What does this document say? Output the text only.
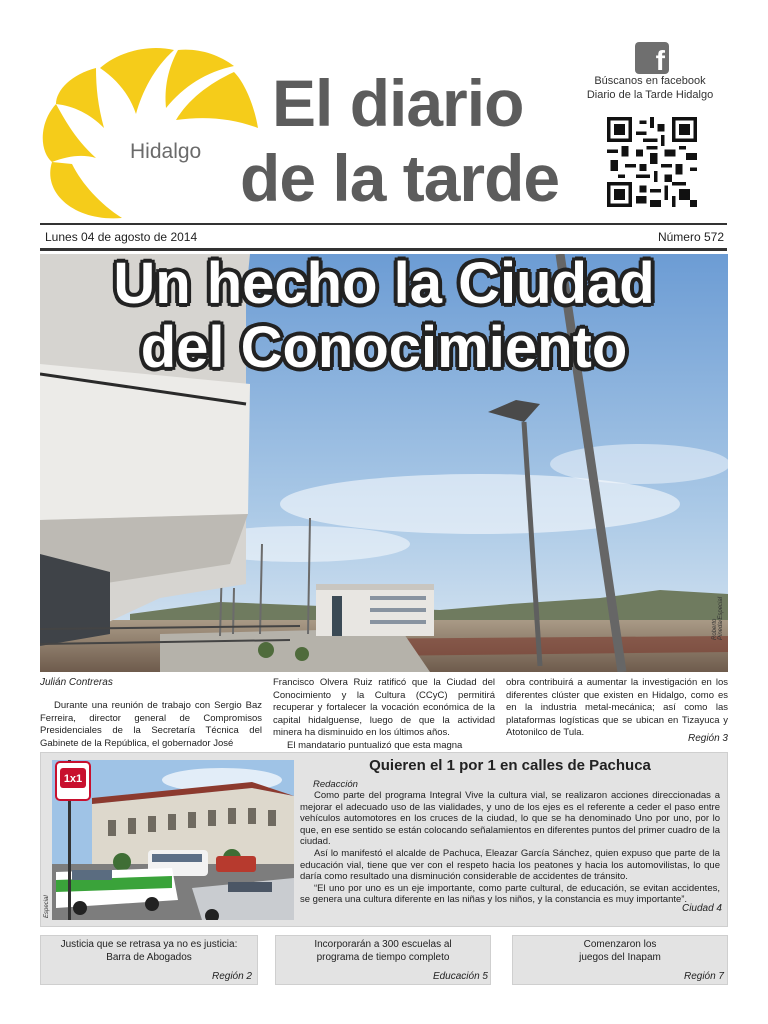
Hidalgo
El diario
de la tarde
f
Búscanos en facebook
Diario de la Tarde Hidalgo
Lunes 04 de agosto de 2014	Número 572
Un hecho la Ciudad
del Conocimiento
Roberto Pineda/Especial
Julián Contreras

Durante una reunión de trabajo con Sergio Baz Ferreira, director general de Compromisos Presidenciales de la Secretaría Técnica del Gabinete de la República, el gobernador José

Francisco Olvera Ruiz ratificó que la Ciudad del Conocimiento y la Cultura (CCyC) permitirá recuperar y fortalecer la vocación económica de la capital hidalguense, luego de que la actividad minera ha disminuido en los últimos años.

El mandatario puntualizó que esta magna

obra contribuirá a aumentar la investigación en los diferentes clúster que existen en Hidalgo, como es en la industria metal-mecánica; así como las plataformas logísticas que se ubican en Tizayuca y Atotonilco de Tula.

Región 3
1x1
Especial
Quieren el 1 por 1 en calles de Pachuca
Redacción

Como parte del programa Integral Vive la cultura vial, se realizaron acciones direccionadas a mejorar el adecuado uso de las vialidades, y uno de los ejes es el referente a ceder el paso entre vehículos automotores en los cruces de la ciudad, lo que se ha denominado Uno por uno, por lo que, en ese sentido se están colocando señalamientos en diferentes puntos del primer cuadro de la ciudad.

Así lo manifestó el alcalde de Pachuca, Eleazar García Sánchez, quien expuso que parte de la educación vial, tiene que ver con el respeto hacia los peatones y hacia los automovilistas, lo que daría como resultado una disminución considerable de accidentes de tránsito.

“El uno por uno es un eje importante, como parte cultural, de educación, se evitan accidentes, se genera una cultura diferente en las niñas y los niños, y la constancia es muy importante”.

Ciudad 4
Justicia que se retrasa ya no es justicia:
Barra de Abogados
Región 2
Incorporarán a 300 escuelas al
programa de tiempo completo
Educación 5
Comenzaron los
juegos del Inapam
Región 7
